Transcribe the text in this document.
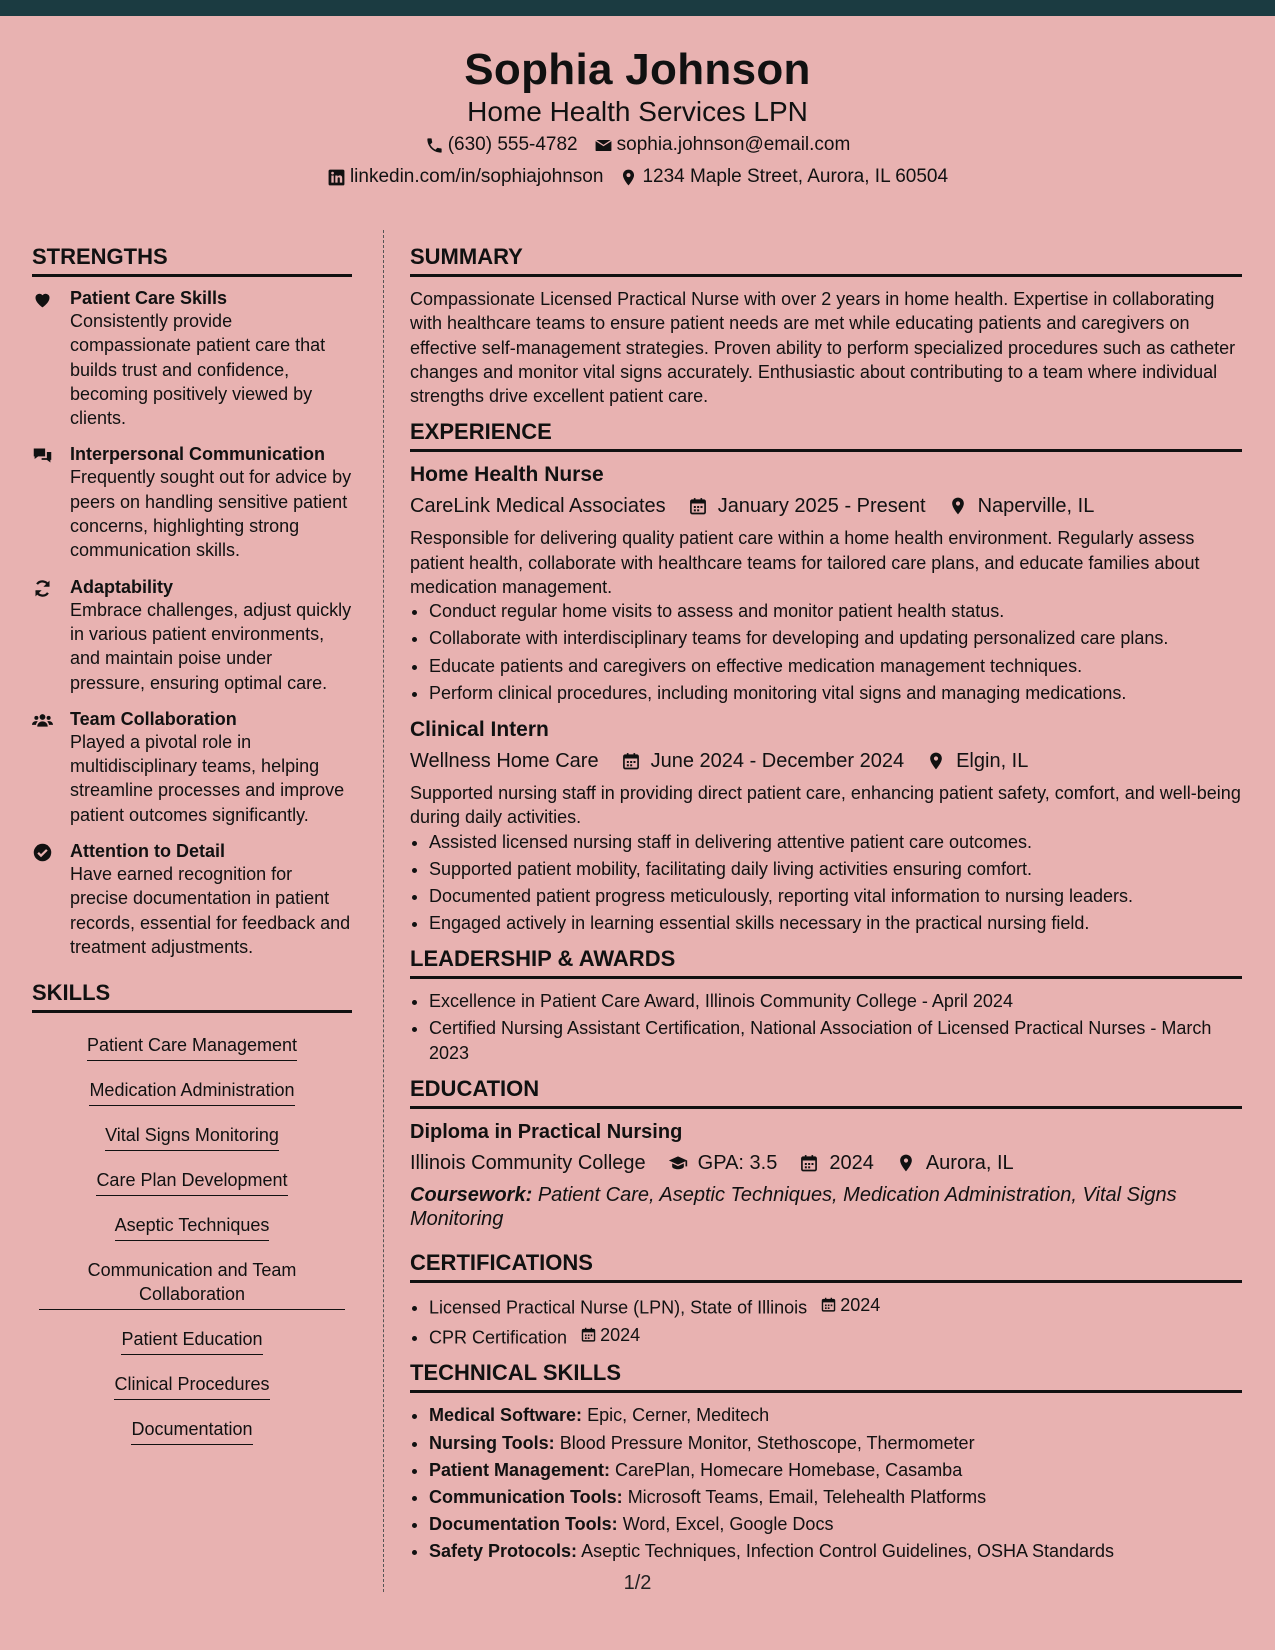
Sophia Johnson
Home Health Services LPN
(630) 555-4782 sophia.johnson@email.com
linkedin.com/in/sophiajohnson 1234 Maple Street, Aurora, IL 60504
STRENGTHS
Patient Care Skills
Consistently provide compassionate patient care that builds trust and confidence, becoming positively viewed by clients.
Interpersonal Communication
Frequently sought out for advice by peers on handling sensitive patient concerns, highlighting strong communication skills.
Adaptability
Embrace challenges, adjust quickly in various patient environments, and maintain poise under pressure, ensuring optimal care.
Team Collaboration
Played a pivotal role in multidisciplinary teams, helping streamline processes and improve patient outcomes significantly.
Attention to Detail
Have earned recognition for precise documentation in patient records, essential for feedback and treatment adjustments.
SKILLS
Patient Care Management
Medication Administration
Vital Signs Monitoring
Care Plan Development
Aseptic Techniques
Communication and Team Collaboration
Patient Education
Clinical Procedures
Documentation
SUMMARY
Compassionate Licensed Practical Nurse with over 2 years in home health. Expertise in collaborating with healthcare teams to ensure patient needs are met while educating patients and caregivers on effective self-management strategies. Proven ability to perform specialized procedures such as catheter changes and monitor vital signs accurately. Enthusiastic about contributing to a team where individual strengths drive excellent patient care.
EXPERIENCE
Home Health Nurse
CareLink Medical Associates	January 2025 - Present	Naperville, IL
Responsible for delivering quality patient care within a home health environment. Regularly assess patient health, collaborate with healthcare teams for tailored care plans, and educate families about medication management.
• Conduct regular home visits to assess and monitor patient health status.
• Collaborate with interdisciplinary teams for developing and updating personalized care plans.
• Educate patients and caregivers on effective medication management techniques.
• Perform clinical procedures, including monitoring vital signs and managing medications.
Clinical Intern
Wellness Home Care	June 2024 - December 2024	Elgin, IL
Supported nursing staff in providing direct patient care, enhancing patient safety, comfort, and well-being during daily activities.
• Assisted licensed nursing staff in delivering attentive patient care outcomes.
• Supported patient mobility, facilitating daily living activities ensuring comfort.
• Documented patient progress meticulously, reporting vital information to nursing leaders.
• Engaged actively in learning essential skills necessary in the practical nursing field.
LEADERSHIP & AWARDS
• Excellence in Patient Care Award, Illinois Community College - April 2024
• Certified Nursing Assistant Certification, National Association of Licensed Practical Nurses - March 2023
EDUCATION
Diploma in Practical Nursing
Illinois Community College	GPA: 3.5	2024	Aurora, IL
Coursework: Patient Care, Aseptic Techniques, Medication Administration, Vital Signs Monitoring
CERTIFICATIONS
• Licensed Practical Nurse (LPN), State of Illinois 2024
• CPR Certification 2024
TECHNICAL SKILLS
• Medical Software: Epic, Cerner, Meditech
• Nursing Tools: Blood Pressure Monitor, Stethoscope, Thermometer
• Patient Management: CarePlan, Homecare Homebase, Casamba
• Communication Tools: Microsoft Teams, Email, Telehealth Platforms
• Documentation Tools: Word, Excel, Google Docs
• Safety Protocols: Aseptic Techniques, Infection Control Guidelines, OSHA Standards
1/2
